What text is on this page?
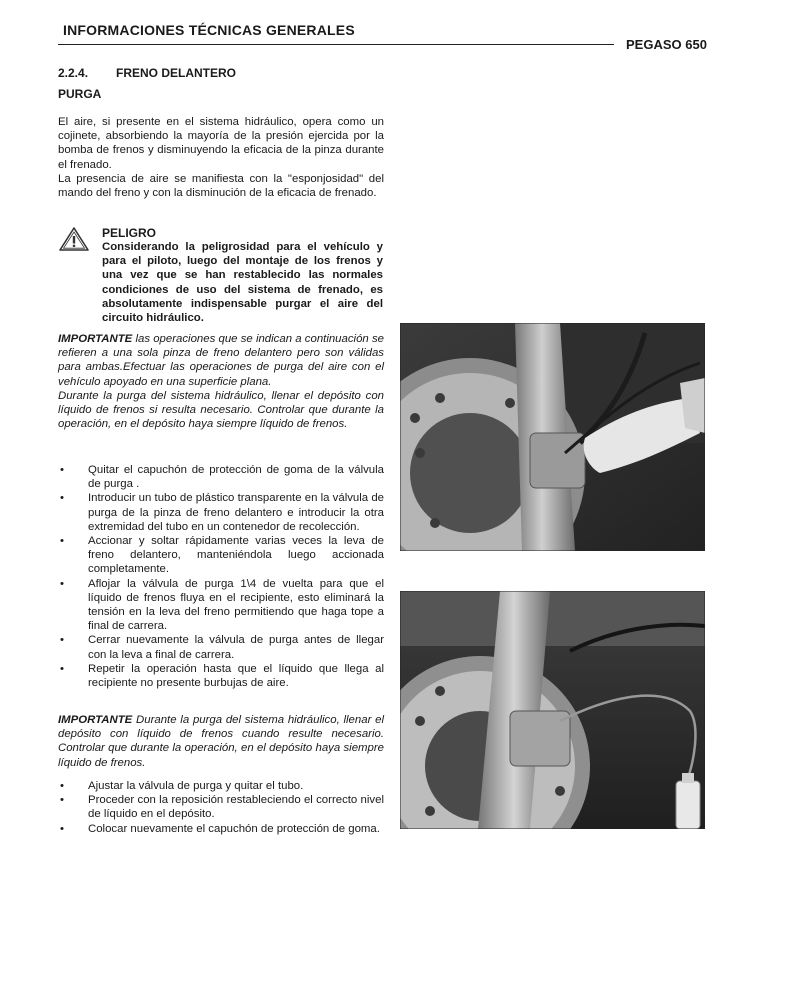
INFORMACIONES TÉCNICAS GENERALES
PEGASO 650
2.2.4. FRENO DELANTERO
PURGA

El aire, si presente en el sistema hidráulico, opera como un cojinete, absorbiendo la mayoría de la presión ejercida por la bomba de frenos y disminuyendo la eficacia de la pinza durante el frenado.

La presencia de aire se manifiesta con la "esponjosidad" del mando del freno y con la disminución de la eficacia de frenado.

PELIGRO
Considerando la peligrosidad para el vehículo y para el piloto, luego del montaje de los frenos y una vez que se han restablecido las normales condiciones de uso del sistema de frenado, es absolutamente indispensable purgar el aire del circuito hidráulico.

IMPORTANTE las operaciones que se indican a continuación se refieren a una sola pinza de freno delantero pero son válidas para ambas.Efectuar las operaciones de purga del aire con el vehículo apoyado en una superficie plana.

Durante la purga del sistema hidráulico, llenar el depósito con líquido de frenos si resulta necesario. Controlar que durante la operación, en el depósito haya siempre líquido de frenos.

• Quitar el capuchón de protección de goma de la válvula de purga .
• Introducir un tubo de plástico transparente en la válvula de purga de la pinza de freno delantero e introducir la otra extremidad del tubo en un contenedor de recolección.
• Accionar y soltar rápidamente varias veces la leva de freno delantero, manteniéndola luego accionada completamente.
• Aflojar la válvula de purga 1\4 de vuelta para que el líquido de frenos fluya en el recipiente, esto eliminará la tensión en la leva del freno permitiendo que haga tope a final de carrera.
• Cerrar nuevamente la válvula de purga antes de llegar con la leva a final de carrera.
• Repetir la operación hasta que el líquido que llega al recipiente no presente burbujas de aire.

IMPORTANTE Durante la purga del sistema hidráulico, llenar el depósito con líquido de frenos cuando resulte necesario. Controlar que durante la operación, en el depósito haya siempre líquido de frenos.

• Ajustar la válvula de purga y quitar el tubo.
• Proceder con la reposición restableciendo el correcto nivel de líquido en el depósito.
• Colocar nuevamente el capuchón de protección de goma.
